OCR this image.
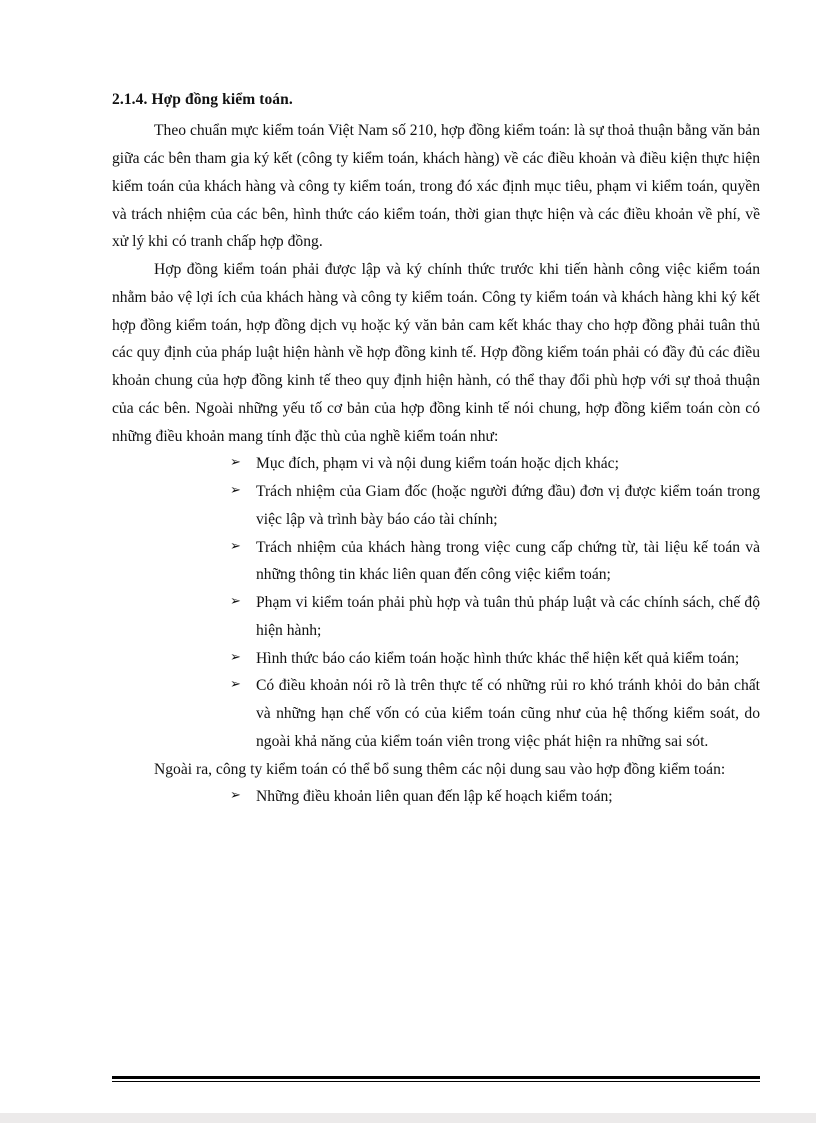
2.1.4. Hợp đồng kiểm toán.

Theo chuẩn mực kiểm toán Việt Nam số 210, hợp đồng kiểm toán: là sự thoả thuận bằng văn bản giữa các bên tham gia ký kết (công ty kiểm toán, khách hàng) về các điều khoản và điều kiện thực hiện kiểm toán của khách hàng và công ty kiểm toán, trong đó xác định mục tiêu, phạm vi kiểm toán, quyền và trách nhiệm của các bên, hình thức cáo kiểm toán, thời gian thực hiện và các điều khoản về phí, về xử lý khi có tranh chấp hợp đồng.

Hợp đồng kiểm toán phải được lập và ký chính thức trước khi tiến hành công việc kiểm toán nhằm bảo vệ lợi ích của khách hàng và công ty kiểm toán. Công ty kiểm toán và khách hàng khi ký kết hợp đồng kiểm toán, hợp đồng dịch vụ hoặc ký văn bản cam kết khác thay cho hợp đồng phải tuân thủ các quy định của pháp luật hiện hành về hợp đồng kinh tế. Hợp đồng kiểm toán phải có đầy đủ các điều khoản chung của hợp đồng kinh tế theo quy định hiện hành, có thể thay đổi phù hợp với sự thoả thuận của các bên. Ngoài những yếu tố cơ bản của hợp đồng kinh tế nói chung, hợp đồng kiểm toán còn có những điều khoản mang tính đặc thù của nghề kiểm toán như:

➢ Mục đích, phạm vi và nội dung kiểm toán hoặc dịch khác;
➢ Trách nhiệm của Giam đốc (hoặc người đứng đầu) đơn vị được kiểm toán trong việc lập và trình bày báo cáo tài chính;
➢ Trách nhiệm của khách hàng trong việc cung cấp chứng từ, tài liệu kế toán và những thông tin khác liên quan đến công việc kiểm toán;
➢ Phạm vi kiểm toán phải phù hợp và tuân thủ pháp luật và các chính sách, chế độ hiện hành;
➢ Hình thức báo cáo kiểm toán hoặc hình thức khác thể hiện kết quả kiểm toán;
➢ Có điều khoản nói rõ là trên thực tế có những rủi ro khó tránh khỏi do bản chất và những hạn chế vốn có của kiểm toán cũng như của hệ thống kiểm soát, do ngoài khả năng của kiểm toán viên trong việc phát hiện ra những sai sót.

Ngoài ra, công ty kiểm toán có thể bổ sung thêm các nội dung sau vào hợp đồng kiểm toán:

➢ Những điều khoản liên quan đến lập kế hoạch kiểm toán;
